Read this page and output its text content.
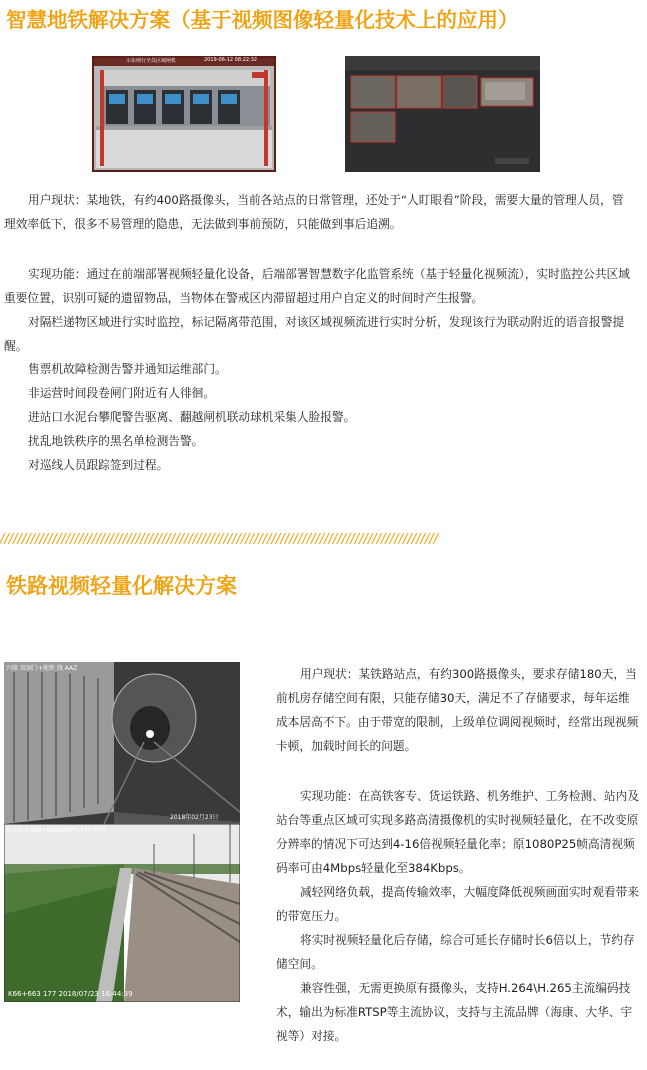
智慧地铁解决方案（基于视频图像轻量化技术上的应用）
示东闸行全员区域闸机	2019-06-12 08:22:32

用户现状：某地铁，有约400路摄像头，当前各站点的日常管理，还处于“人盯眼看”阶段，需要大量的管理人员，管理效率低下，很多不易管理的隐患，无法做到事前预防，只能做到事后追溯。

实现功能：通过在前端部署视频轻量化设备，后端部署智慧数字化监管系统（基于轻量化视频流），实时监控公共区域重要位置，识别可疑的遗留物品，当物体在警戒区内滞留超过用户自定义的时间时产生报警。

对隔栏递物区域进行实时监控，标记隔离带范围，对该区域视频流进行实时分析，发现该行为联动附近的语音报警提醒。

售票机故障检测告警并通知运维部门。

非运营时间段卷闸门附近有人徘徊。

进站口水泥台攀爬警告驱离、翻越闸机联动球机采集人脸报警。

扰乱地铁秩序的黑名单检测告警。

对巡线人员跟踪签到过程。

////////////////////////////////////////////////////////////////////////////////////////////////////
铁路视频轻量化解决方案
兴隆 双洞门+地铁 线 AAZ
2018年02月23日
京沈客专K66+663接触网177杆护网
K66+663 177 2018/07/23 16:44:39

用户现状：某铁路站点，有约300路摄像头，要求存储180天，当前机房存储空间有限，只能存储30天，满足不了存储要求，每年运维成本居高不下。由于带宽的限制，上级单位调阅视频时，经常出现视频卡顿，加载时间长的问题。

实现功能：在高铁客专、货运铁路、机务维护、工务检测、站内及站台等重点区域可实现多路高清摄像机的实时视频轻量化，在不改变原分辨率的情况下可达到4-16倍视频轻量化率；原1080P25帧高清视频码率可由4Mbps轻量化至384Kbps。

减轻网络负载，提高传输效率，大幅度降低视频画面实时观看带来的带宽压力。

将实时视频轻量化后存储，综合可延长存储时长6倍以上，节约存储空间。

兼容性强，无需更换原有摄像头，支持H.264\H.265主流编码技术，输出为标准RTSP等主流协议，支持与主流品牌（海康、大华、宇视等）对接。
